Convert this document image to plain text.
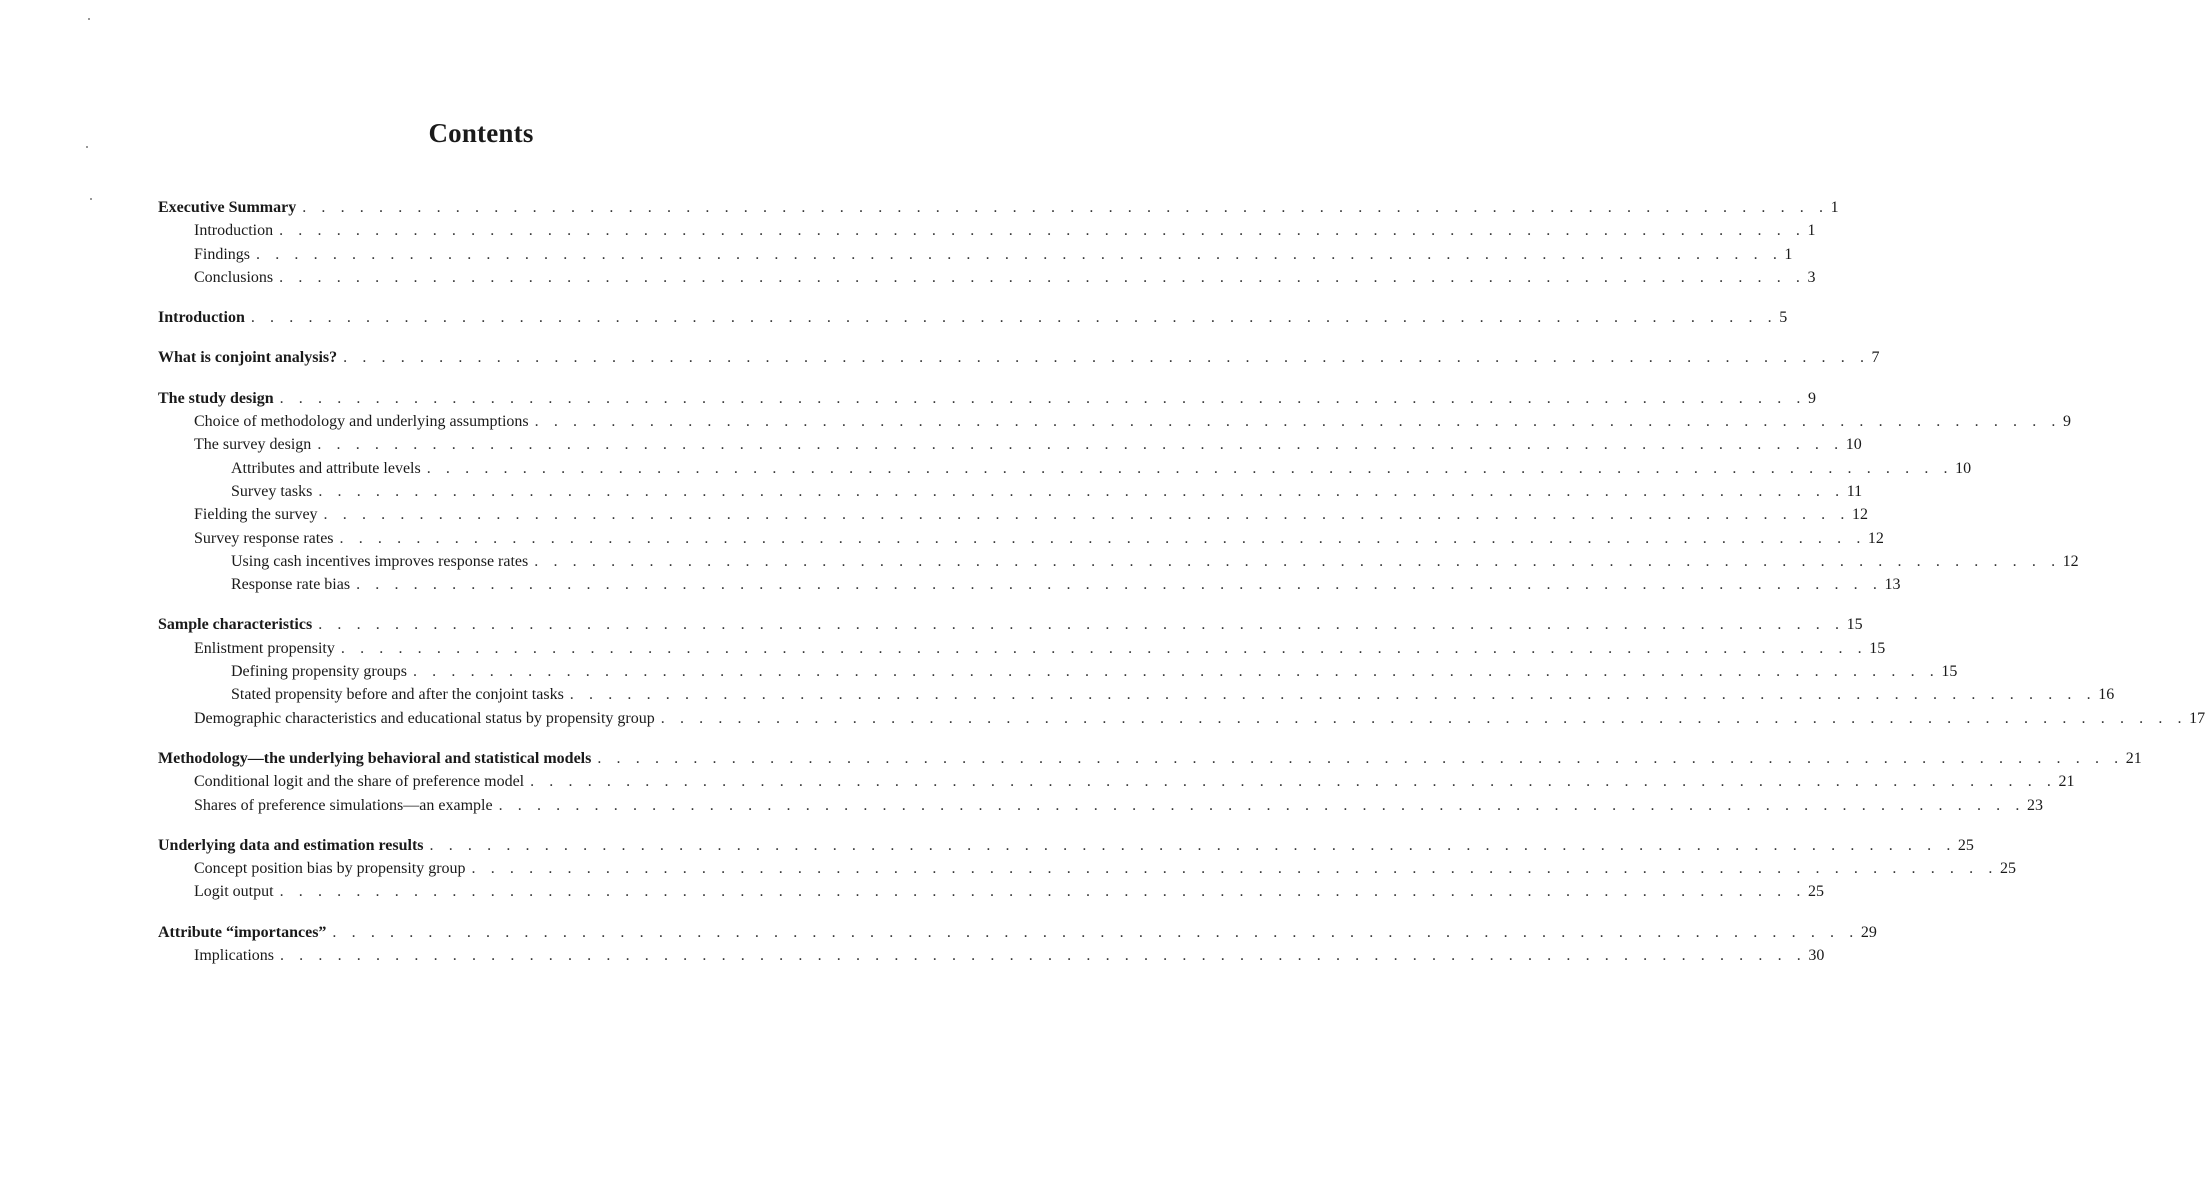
Contents
Executive Summary . . . . . . . . . . . . . . . . . . . . . . . . . . . . . . . . . . . . . . . . . . . . . . . . . . . . . . . . . . . . . . . . . . . . . . . . . . . . . . . . 1
Introduction . . . . . . . . . . . . . . . . . . . . . . . . . . . . . . . . . . . . . . . . . . . . . . . . . . . . . . . . . . . . . . . . . . . . . . . . . . . . . . . . 1
Findings . . . . . . . . . . . . . . . . . . . . . . . . . . . . . . . . . . . . . . . . . . . . . . . . . . . . . . . . . . . . . . . . . . . . . . . . . . . . . . . . 1
Conclusions . . . . . . . . . . . . . . . . . . . . . . . . . . . . . . . . . . . . . . . . . . . . . . . . . . . . . . . . . . . . . . . . . . . . . . . . . . . . . . . . 3
Introduction . . . . . . . . . . . . . . . . . . . . . . . . . . . . . . . . . . . . . . . . . . . . . . . . . . . . . . . . . . . . . . . . . . . . . . . . . . . . . . . . 5
What is conjoint analysis? . . . . . . . . . . . . . . . . . . . . . . . . . . . . . . . . . . . . . . . . . . . . . . . . . . . . . . . . . . . . . . . . . . . . . . . . . . . . . . . . 7
The study design . . . . . . . . . . . . . . . . . . . . . . . . . . . . . . . . . . . . . . . . . . . . . . . . . . . . . . . . . . . . . . . . . . . . . . . . . . . . . . . . 9
Choice of methodology and underlying assumptions . . . . . . . . . . . . . . . . . . . . . . . . . . . . . . . . . . . . . . . . . . . . . . . . . . . . . . . . . . . . . . . . . . . . . . . . . . . . . . . . 9
The survey design . . . . . . . . . . . . . . . . . . . . . . . . . . . . . . . . . . . . . . . . . . . . . . . . . . . . . . . . . . . . . . . . . . . . . . . . . . . . . . . . 10
Attributes and attribute levels . . . . . . . . . . . . . . . . . . . . . . . . . . . . . . . . . . . . . . . . . . . . . . . . . . . . . . . . . . . . . . . . . . . . . . . . . . . . . . . . 10
Survey tasks . . . . . . . . . . . . . . . . . . . . . . . . . . . . . . . . . . . . . . . . . . . . . . . . . . . . . . . . . . . . . . . . . . . . . . . . . . . . . . . . 11
Fielding the survey . . . . . . . . . . . . . . . . . . . . . . . . . . . . . . . . . . . . . . . . . . . . . . . . . . . . . . . . . . . . . . . . . . . . . . . . . . . . . . . . 12
Survey response rates . . . . . . . . . . . . . . . . . . . . . . . . . . . . . . . . . . . . . . . . . . . . . . . . . . . . . . . . . . . . . . . . . . . . . . . . . . . . . . . . 12
Using cash incentives improves response rates . . . . . . . . . . . . . . . . . . . . . . . . . . . . . . . . . . . . . . . . . . . . . . . . . . . . . . . . . . . . . . . . . . . . . . . . . . . . . . . . 12
Response rate bias . . . . . . . . . . . . . . . . . . . . . . . . . . . . . . . . . . . . . . . . . . . . . . . . . . . . . . . . . . . . . . . . . . . . . . . . . . . . . . . . 13
Sample characteristics . . . . . . . . . . . . . . . . . . . . . . . . . . . . . . . . . . . . . . . . . . . . . . . . . . . . . . . . . . . . . . . . . . . . . . . . . . . . . . . . 15
Enlistment propensity . . . . . . . . . . . . . . . . . . . . . . . . . . . . . . . . . . . . . . . . . . . . . . . . . . . . . . . . . . . . . . . . . . . . . . . . . . . . . . . . 15
Defining propensity groups . . . . . . . . . . . . . . . . . . . . . . . . . . . . . . . . . . . . . . . . . . . . . . . . . . . . . . . . . . . . . . . . . . . . . . . . . . . . . . . . 15
Stated propensity before and after the conjoint tasks . . . . . . . . . . . . . . . . . . . . . . . . . . . . . . . . . . . . . . . . . . . . . . . . . . . . . . . . . . . . . . . . . . . . . . . . . . . . . . . . 16
Demographic characteristics and educational status by propensity group . . . . . . . . . . . . . . . . . . . . . . . . . . . . . . . . . . . . . . . . . . . . . . . . . . . . . . . . . . . . . . . . . . . . . . . . . . . . . . . . 17
Methodology—the underlying behavioral and statistical models . . . . . . . . . . . . . . . . . . . . . . . . . . . . . . . . . . . . . . . . . . . . . . . . . . . . . . . . . . . . . . . . . . . . . . . . . . . . . . . . 21
Conditional logit and the share of preference model . . . . . . . . . . . . . . . . . . . . . . . . . . . . . . . . . . . . . . . . . . . . . . . . . . . . . . . . . . . . . . . . . . . . . . . . . . . . . . . . 21
Shares of preference simulations—an example . . . . . . . . . . . . . . . . . . . . . . . . . . . . . . . . . . . . . . . . . . . . . . . . . . . . . . . . . . . . . . . . . . . . . . . . . . . . . . . . 23
Underlying data and estimation results . . . . . . . . . . . . . . . . . . . . . . . . . . . . . . . . . . . . . . . . . . . . . . . . . . . . . . . . . . . . . . . . . . . . . . . . . . . . . . . . 25
Concept position bias by propensity group . . . . . . . . . . . . . . . . . . . . . . . . . . . . . . . . . . . . . . . . . . . . . . . . . . . . . . . . . . . . . . . . . . . . . . . . . . . . . . . . 25
Logit output . . . . . . . . . . . . . . . . . . . . . . . . . . . . . . . . . . . . . . . . . . . . . . . . . . . . . . . . . . . . . . . . . . . . . . . . . . . . . . . . 25
Attribute “importances” . . . . . . . . . . . . . . . . . . . . . . . . . . . . . . . . . . . . . . . . . . . . . . . . . . . . . . . . . . . . . . . . . . . . . . . . . . . . . . . . 29
Implications . . . . . . . . . . . . . . . . . . . . . . . . . . . . . . . . . . . . . . . . . . . . . . . . . . . . . . . . . . . . . . . . . . . . . . . . . . . . . . . . 30
